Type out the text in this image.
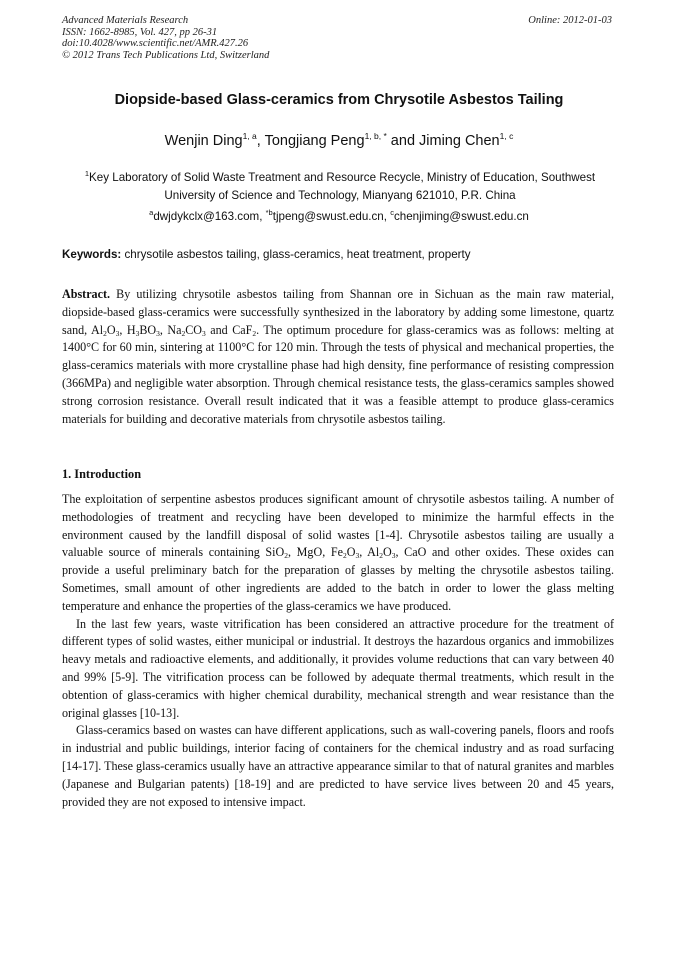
Advanced Materials Research
ISSN: 1662-8985, Vol. 427, pp 26-31
doi:10.4028/www.scientific.net/AMR.427.26
© 2012 Trans Tech Publications Ltd, Switzerland
Online: 2012-01-03
Diopside-based Glass-ceramics from Chrysotile Asbestos Tailing
Wenjin Ding$^{1, a}$, Tongjiang Peng$^{1, b, *}$ and Jiming Chen$^{1, c}$
$^1$Key Laboratory of Solid Waste Treatment and Resource Recycle, Ministry of Education, Southwest
University of Science and Technology, Mianyang 621010, P.R. China
$^a$dwjdykclx@163.com, $^{*b}$tjpeng@swust.edu.cn, $^c$chenjiming@swust.edu.cn
Keywords: chrysotile asbestos tailing, glass-ceramics, heat treatment, property
Abstract. By utilizing chrysotile asbestos tailing from Shannan ore in Sichuan as the main raw material, diopside-based glass-ceramics were successfully synthesized in the laboratory by adding some limestone, quartz sand, $Al_2O_3$, $H_3BO_3$, $Na_2CO_3$ and CaF$_2$. The optimum procedure for glass-ceramics was as follows: melting at 1400°C for 60 min, sintering at 1100°C for 120 min. Through the tests of physical and mechanical properties, the glass-ceramics materials with more crystalline phase had high density, fine performance of resisting compression (366MPa) and negligible water absorption. Through chemical resistance tests, the glass-ceramics samples showed strong corrosion resistance. Overall result indicated that it was a feasible attempt to produce glass-ceramics materials for building and decorative materials from chrysotile asbestos tailing.
1. Introduction

The exploitation of serpentine asbestos produces significant amount of chrysotile asbestos tailing. A number of methodologies of treatment and recycling have been developed to minimize the harmful effects in the environment caused by the landfill disposal of solid wastes [1-4]. Chrysotile asbestos tailing are usually a valuable source of minerals containing SiO$_2$, MgO, $Fe_2O_3$, $Al_2O_3$, CaO and other oxides. These oxides can provide a useful preliminary batch for the preparation of glasses by melting the chrysotile asbestos tailing. Sometimes, small amount of other ingredients are added to the batch in order to lower the glass melting temperature and enhance the properties of the glass-ceramics we have produced.

In the last few years, waste vitrification has been considered an attractive procedure for the treatment of different types of solid wastes, either municipal or industrial. It destroys the hazardous organics and immobilizes heavy metals and radioactive elements, and additionally, it provides volume reductions that can vary between 40 and 99% [5-9]. The vitrification process can be followed by adequate thermal treatments, which result in the obtention of glass-ceramics with higher chemical durability, mechanical strength and wear resistance than the original glasses [10-13].

Glass-ceramics based on wastes can have different applications, such as wall-covering panels, floors and roofs in industrial and public buildings, interior facing of containers for the chemical industry and as road surfacing [14-17]. These glass-ceramics usually have an attractive appearance similar to that of natural granites and marbles (Japanese and Bulgarian patents) [18-19] and are predicted to have service lives between 20 and 45 years, provided they are not exposed to intensive impact.
